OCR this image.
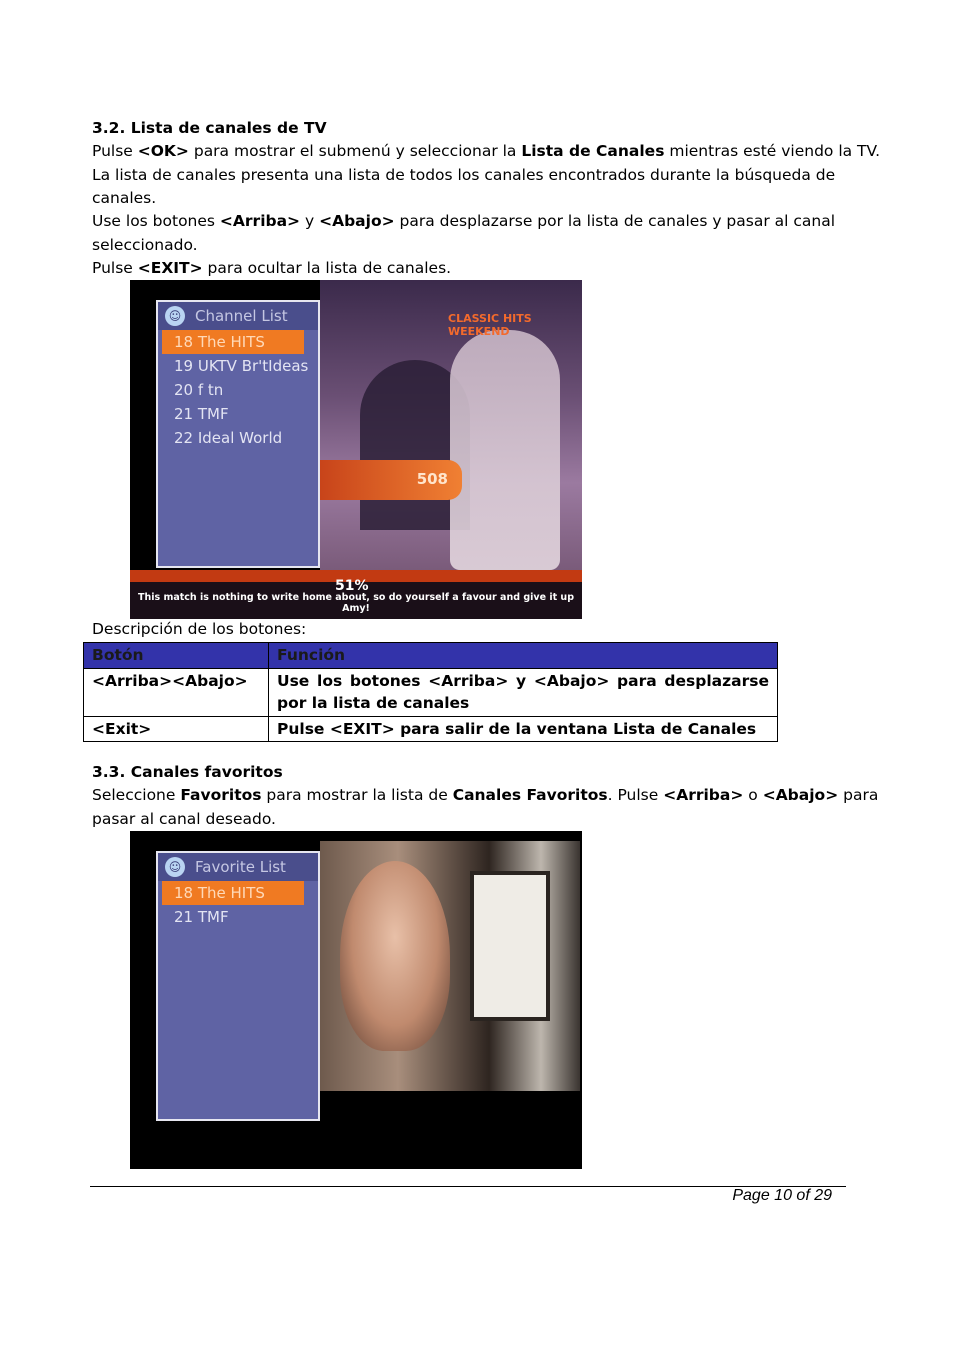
3.2. Lista de canales de TV
Pulse <OK> para mostrar el submenú y seleccionar la Lista de Canales mientras esté viendo la TV.
La lista de canales presenta una lista de todos los canales encontrados durante la búsqueda de
canales.
Use los botones <Arriba> y <Abajo> para desplazarse por la lista de canales y pasar al canal
seleccionado.
Pulse <EXIT> para ocultar la lista de canales.
CLASSIC HITS WEEKEND
508
51%
This match is nothing to write home about, so do yourself a favour and give it up Amy!
☺ Channel List
18 The HITS
19 UKTV Br'tIdeas
20 f tn
21 TMF
22 Ideal World
Descripción de los botones:
Botón	Función
<Arriba><Abajo>	Use los botones <Arriba> y <Abajo> para desplazarse por la lista de canales
<Exit>	Pulse <EXIT> para salir de la ventana Lista de Canales
3.3. Canales favoritos
Seleccione Favoritos para mostrar la lista de Canales Favoritos. Pulse <Arriba> o <Abajo> para
pasar al canal deseado.
☺ Favorite List
18 The HITS
21 TMF
Page 10 of 29
